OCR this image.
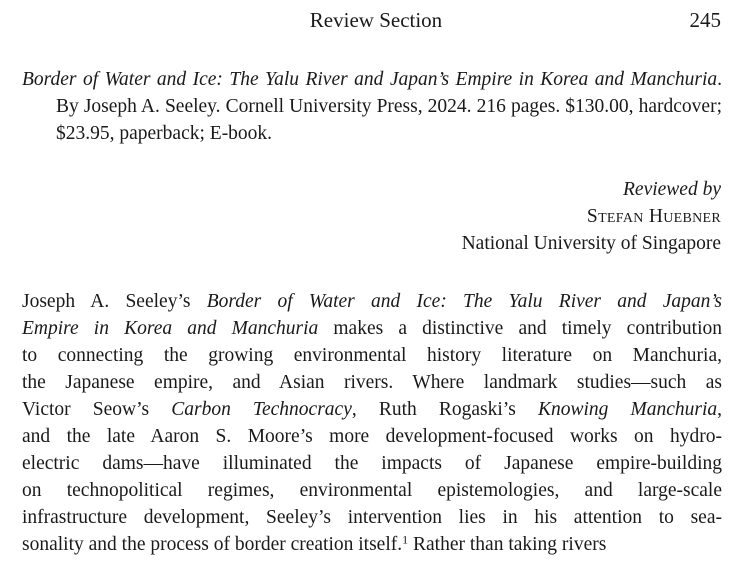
Review Section	245
Border of Water and Ice: The Yalu River and Japan’s Empire in Korea and Manchuria. By Joseph A. Seeley. Cornell University Press, 2024. 216 pages. $130.00, hardcover; $23.95, paperback; E-book.
Reviewed by
Stefan Huebner
National University of Singapore
Joseph A. Seeley’s Border of Water and Ice: The Yalu River and Japan’s
Empire in Korea and Manchuria makes a distinctive and timely contribution
to connecting the growing environmental history literature on Manchuria,
the Japanese empire, and Asian rivers. Where landmark studies—such as
Victor Seow’s Carbon Technocracy, Ruth Rogaski’s Knowing Manchuria,
and the late Aaron S. Moore’s more development-focused works on hydro-
electric dams—have illuminated the impacts of Japanese empire-building
on technopolitical regimes, environmental epistemologies, and large-scale
infrastructure development, Seeley’s intervention lies in his attention to sea-
sonality and the process of border creation itself.$^1$ Rather than taking rivers
